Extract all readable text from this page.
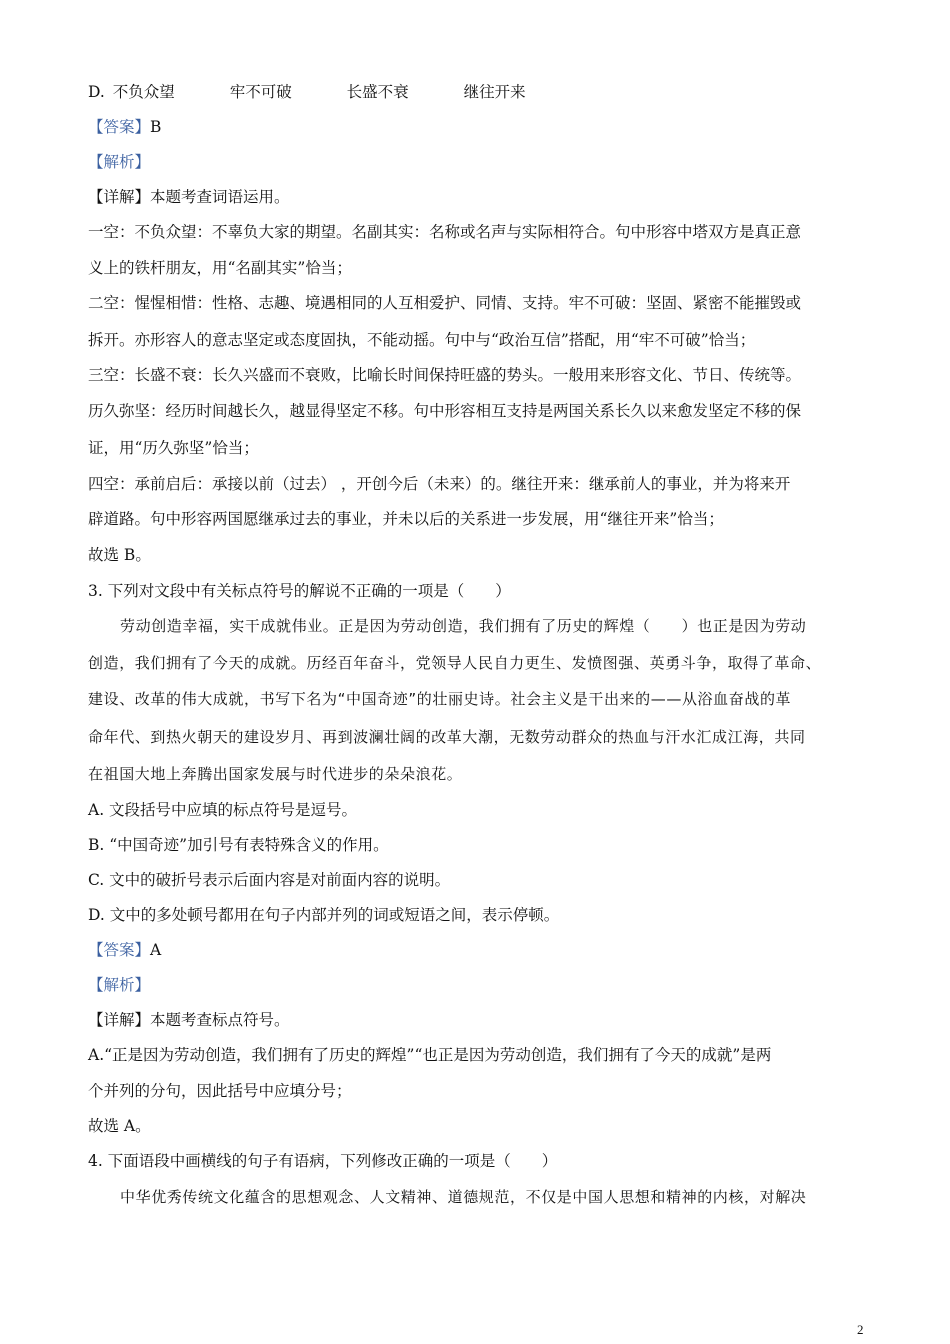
D. 不负众望	牢不可破	长盛不衰	继往开来
【答案】B
【解析】
【详解】本题考查词语运用。
一空：不负众望：不辜负大家的期望。名副其实：名称或名声与实际相符合。句中形容中塔双方是真正意
义上的铁杆朋友，用“名副其实”恰当；
二空：惺惺相惜：性格、志趣、境遇相同的人互相爱护、同情、支持。牢不可破：坚固、紧密不能摧毁或
拆开。亦形容人的意志坚定或态度固执，不能动摇。句中与“政治互信”搭配，用“牢不可破”恰当；
三空：长盛不衰：长久兴盛而不衰败，比喻长时间保持旺盛的势头。一般用来形容文化、节日、传统等。
历久弥坚：经历时间越长久，越显得坚定不移。句中形容相互支持是两国关系长久以来愈发坚定不移的保
证，用“历久弥坚”恰当；
四空：承前启后：承接以前（过去） ，开创今后（未来）的。继往开来：继承前人的事业，并为将来开
辟道路。句中形容两国愿继承过去的事业，并未以后的关系进一步发展，用“继往开来”恰当；
故选 B。
3. 下列对文段中有关标点符号的解说不正确的一项是（　　）
劳动创造幸福，实干成就伟业。正是因为劳动创造，我们拥有了历史的辉煌（　　）也正是因为劳动
创造，我们拥有了今天的成就。历经百年奋斗，党领导人民自力更生、发愤图强、英勇斗争，取得了革命、
建设、改革的伟大成就，书写下名为“中国奇迹”的壮丽史诗。社会主义是干出来的——从浴血奋战的革
命年代、到热火朝天的建设岁月、再到波澜壮阔的改革大潮，无数劳动群众的热血与汗水汇成江海，共同
在祖国大地上奔腾出国家发展与时代进步的朵朵浪花。
A. 文段括号中应填的标点符号是逗号。
B. “中国奇迹”加引号有表特殊含义的作用。
C. 文中的破折号表示后面内容是对前面内容的说明。
D. 文中的多处顿号都用在句子内部并列的词或短语之间，表示停顿。
【答案】A
【解析】
【详解】本题考查标点符号。
A.“正是因为劳动创造，我们拥有了历史的辉煌”“也正是因为劳动创造，我们拥有了今天的成就”是两
个并列的分句，因此括号中应填分号；
故选 A。
4. 下面语段中画横线的句子有语病，下列修改正确的一项是（　　）
中华优秀传统文化蕴含的思想观念、人文精神、道德规范，不仅是中国人思想和精神的内核，对解决
2
